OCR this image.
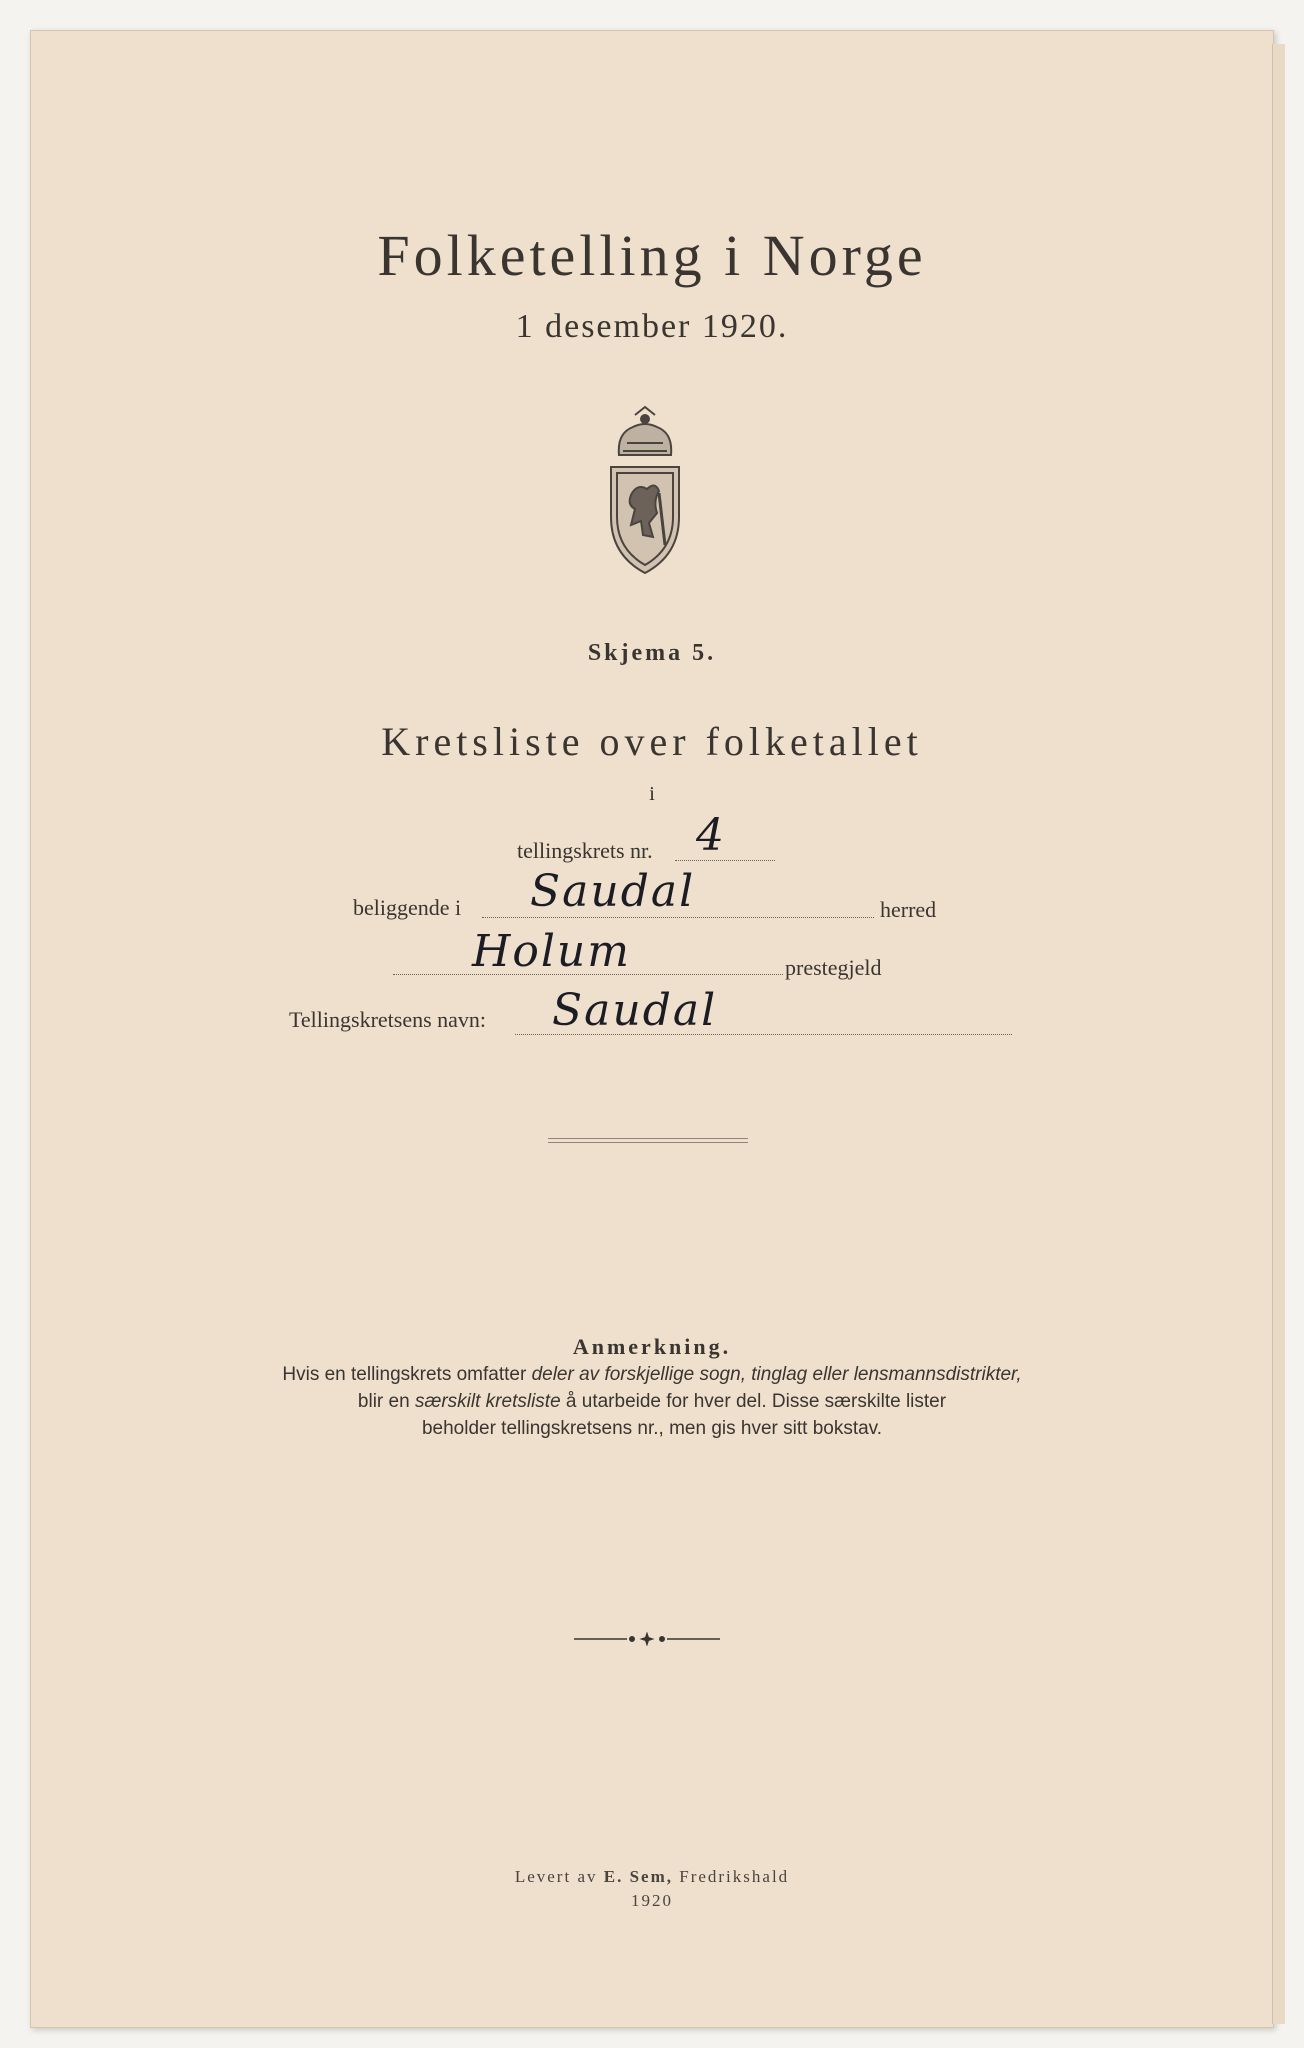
Folketelling i Norge
1 desember 1920.
Skjema 5.
Kretsliste over folketallet
i
tellingskrets nr. 4
beliggende i Saudal	herred
Holum	prestegjeld
Tellingskretsens navn: Saudal
Anmerkning.
Hvis en tellingskrets omfatter deler av forskjellige sogn, tinglag eller lensmannsdistrikter,
blir en særskilt kretsliste å utarbeide for hver del. Disse særskilte lister
beholder tellingskretsens nr., men gis hver sitt bokstav.
Levert av E. Sem, Fredrikshald
1920
